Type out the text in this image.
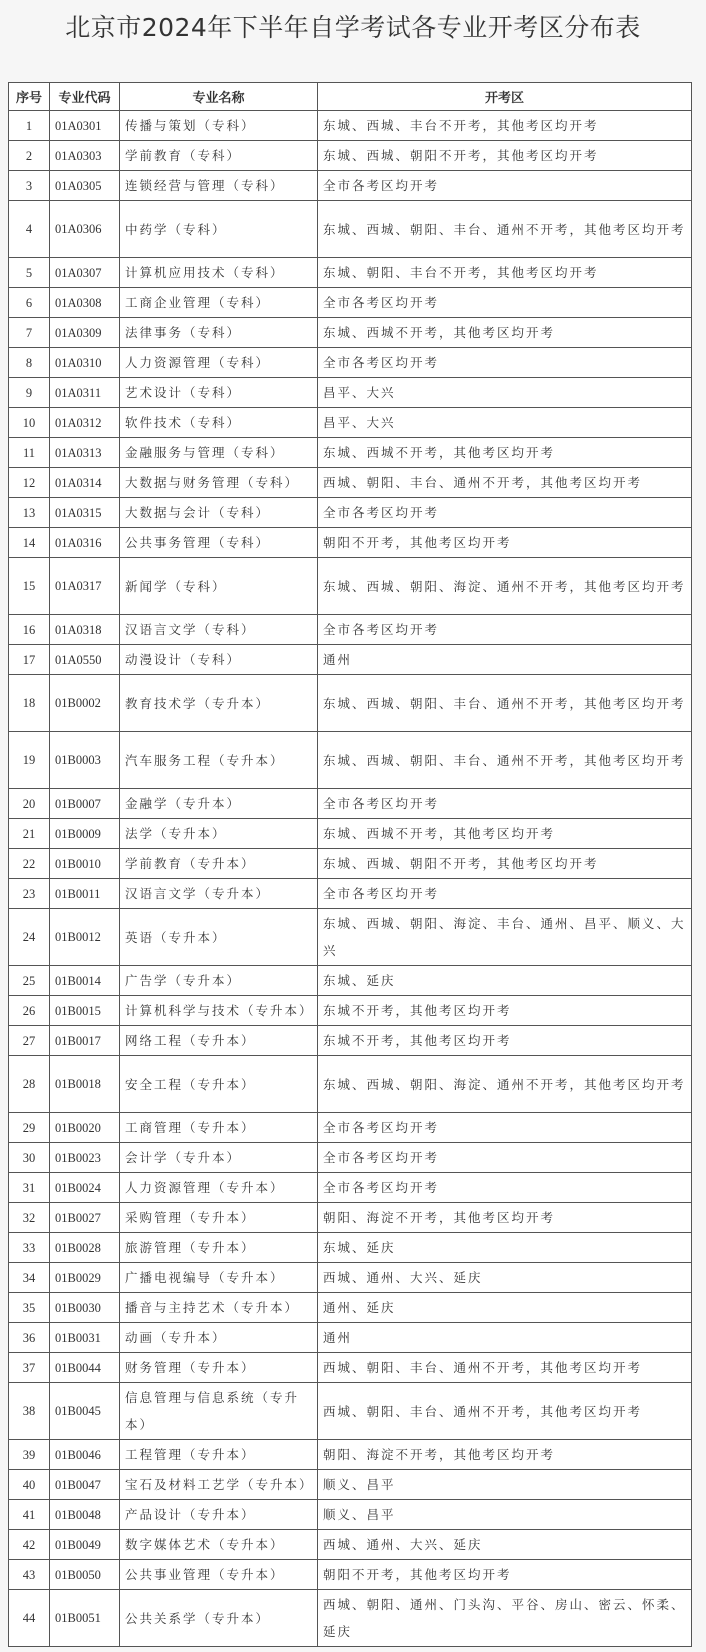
北京市2024年下半年自学考试各专业开考区分布表
序号	专业代码	专业名称	开考区
1	01A0301	传播与策划（专科）	东城、西城、丰台不开考，其他考区均开考
2	01A0303	学前教育（专科）	东城、西城、朝阳不开考，其他考区均开考
3	01A0305	连锁经营与管理（专科）	全市各考区均开考
4	01A0306	中药学（专科）	东城、西城、朝阳、丰台、通州不开考，其他考区均开考
5	01A0307	计算机应用技术（专科）	东城、朝阳、丰台不开考，其他考区均开考
6	01A0308	工商企业管理（专科）	全市各考区均开考
7	01A0309	法律事务（专科）	东城、西城不开考，其他考区均开考
8	01A0310	人力资源管理（专科）	全市各考区均开考
9	01A0311	艺术设计（专科）	昌平、大兴
10	01A0312	软件技术（专科）	昌平、大兴
11	01A0313	金融服务与管理（专科）	东城、西城不开考，其他考区均开考
12	01A0314	大数据与财务管理（专科）	西城、朝阳、丰台、通州不开考，其他考区均开考
13	01A0315	大数据与会计（专科）	全市各考区均开考
14	01A0316	公共事务管理（专科）	朝阳不开考，其他考区均开考
15	01A0317	新闻学（专科）	东城、西城、朝阳、海淀、通州不开考，其他考区均开考
16	01A0318	汉语言文学（专科）	全市各考区均开考
17	01A0550	动漫设计（专科）	通州
18	01B0002	教育技术学（专升本）	东城、西城、朝阳、丰台、通州不开考，其他考区均开考
19	01B0003	汽车服务工程（专升本）	东城、西城、朝阳、丰台、通州不开考，其他考区均开考
20	01B0007	金融学（专升本）	全市各考区均开考
21	01B0009	法学（专升本）	东城、西城不开考，其他考区均开考
22	01B0010	学前教育（专升本）	东城、西城、朝阳不开考，其他考区均开考
23	01B0011	汉语言文学（专升本）	全市各考区均开考
24	01B0012	英语（专升本）	东城、西城、朝阳、海淀、丰台、通州、昌平、顺义、大兴
25	01B0014	广告学（专升本）	东城、延庆
26	01B0015	计算机科学与技术（专升本）	东城不开考，其他考区均开考
27	01B0017	网络工程（专升本）	东城不开考，其他考区均开考
28	01B0018	安全工程（专升本）	东城、西城、朝阳、海淀、通州不开考，其他考区均开考
29	01B0020	工商管理（专升本）	全市各考区均开考
30	01B0023	会计学（专升本）	全市各考区均开考
31	01B0024	人力资源管理（专升本）	全市各考区均开考
32	01B0027	采购管理（专升本）	朝阳、海淀不开考，其他考区均开考
33	01B0028	旅游管理（专升本）	东城、延庆
34	01B0029	广播电视编导（专升本）	西城、通州、大兴、延庆
35	01B0030	播音与主持艺术（专升本）	通州、延庆
36	01B0031	动画（专升本）	通州
37	01B0044	财务管理（专升本）	西城、朝阳、丰台、通州不开考，其他考区均开考
38	01B0045	信息管理与信息系统（专升本）	西城、朝阳、丰台、通州不开考，其他考区均开考
39	01B0046	工程管理（专升本）	朝阳、海淀不开考，其他考区均开考
40	01B0047	宝石及材料工艺学（专升本）	顺义、昌平
41	01B0048	产品设计（专升本）	顺义、昌平
42	01B0049	数字媒体艺术（专升本）	西城、通州、大兴、延庆
43	01B0050	公共事业管理（专升本）	朝阳不开考，其他考区均开考
44	01B0051	公共关系学（专升本）	西城、朝阳、通州、门头沟、平谷、房山、密云、怀柔、延庆
